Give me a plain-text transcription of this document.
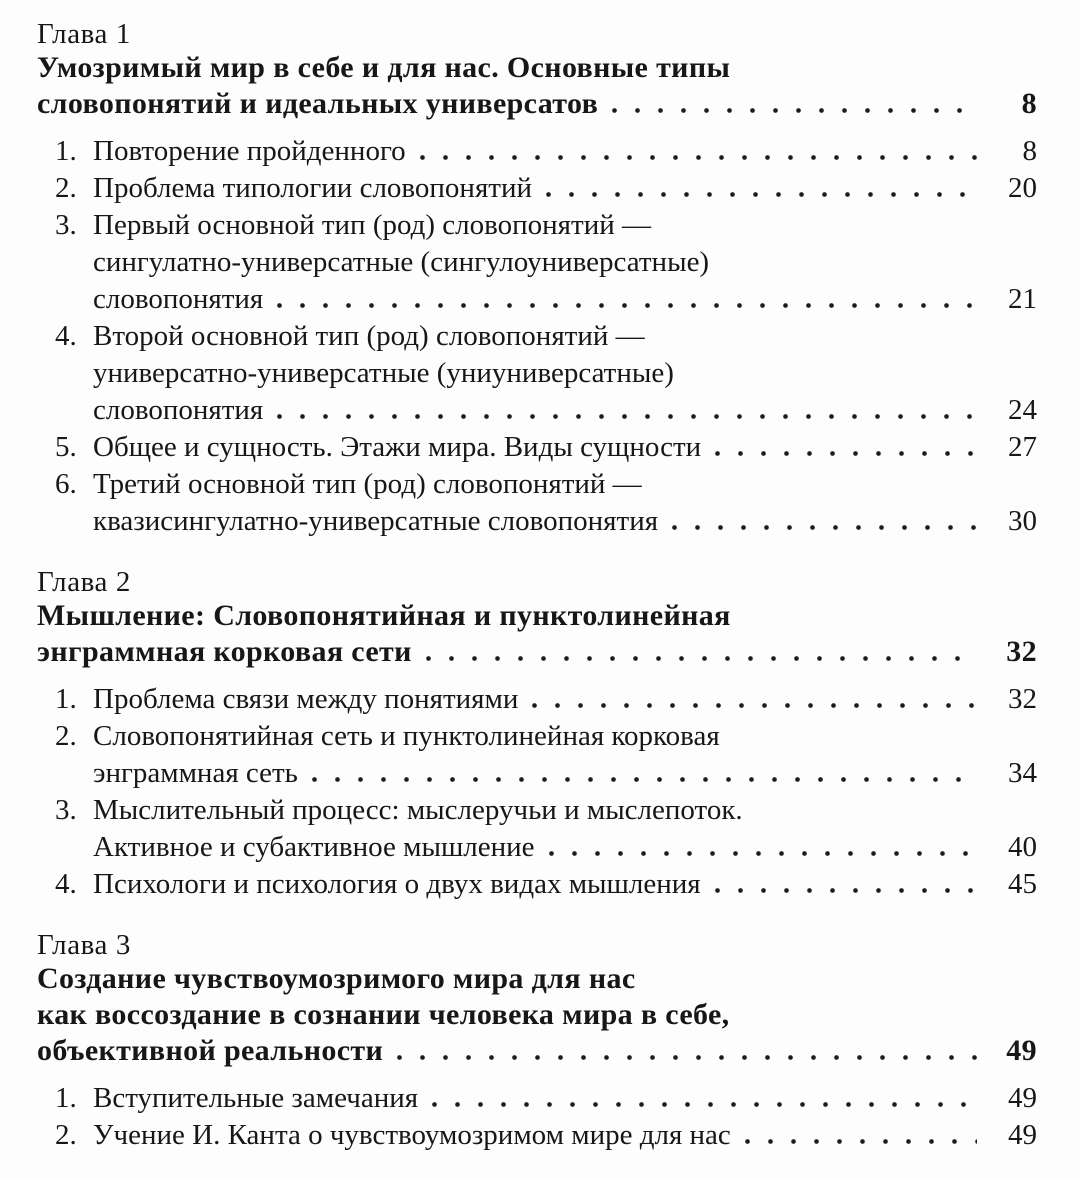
Глава 1
Умозримый мир в себе и для нас. Основные типы
словопонятий и идеальных универсатов	8
1. Повторение пройденного	8
2. Проблема типологии словопонятий	20
3. Первый основной тип (род) словопонятий —
сингулатно-универсатные (сингулоуниверсатные)
словопонятия	21
4. Второй основной тип (род) словопонятий —
универсатно-универсатные (униуниверсатные)
словопонятия	24
5. Общее и сущность. Этажи мира. Виды сущности	27
6. Третий основной тип (род) словопонятий —
квазисингулатно-универсатные словопонятия	30
Глава 2
Мышление: Словопонятийная и пунктолинейная
энграммная корковая сети	32
1. Проблема связи между понятиями	32
2. Словопонятийная сеть и пунктолинейная корковая
энграммная сеть	34
3. Мыслительный процесс: мыслеручьи и мыслепоток.
Активное и субактивное мышление	40
4. Психологи и психология о двух видах мышления	45
Глава 3
Создание чувствоумозримого мира для нас
как воссоздание в сознании человека мира в себе,
объективной реальности	49
1. Вступительные замечания	49
2. Учение И. Канта о чувствоумозримом мире для нас	49
